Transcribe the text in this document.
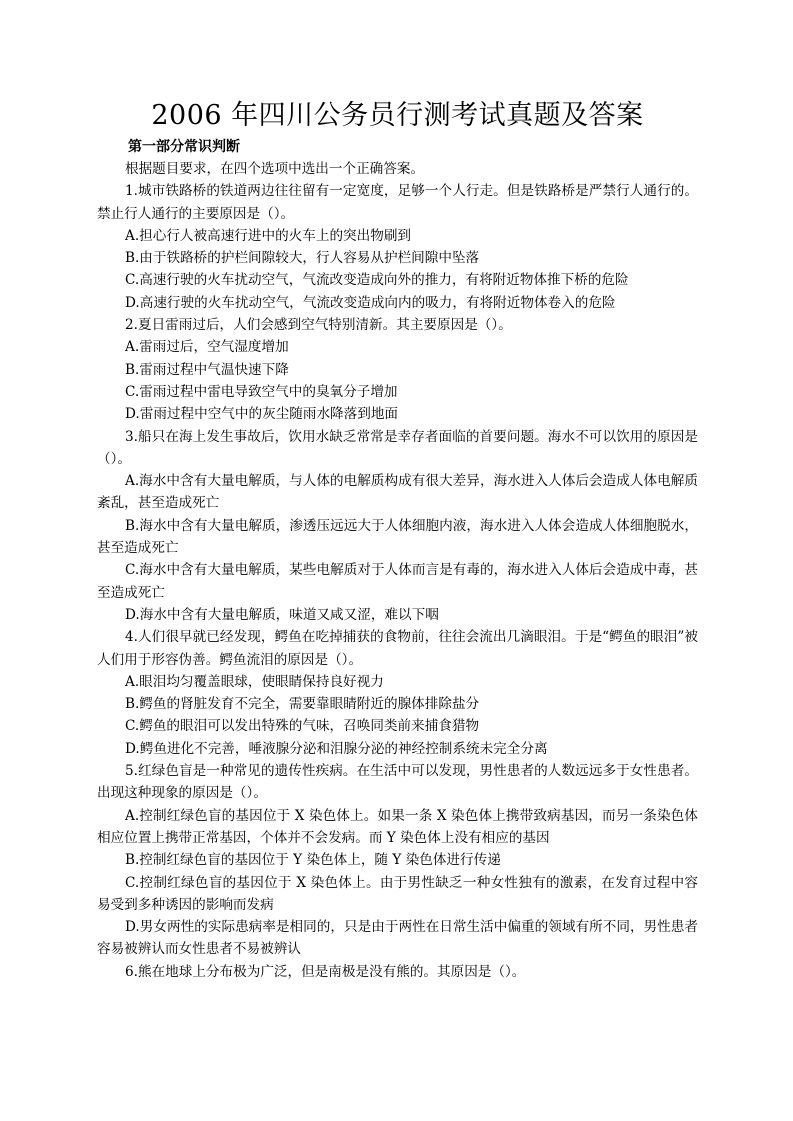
2006 年四川公务员行测考试真题及答案

第一部分常识判断

根据题目要求，在四个选项中选出一个正确答案。

1.城市铁路桥的铁道两边往往留有一定宽度，足够一个人行走。但是铁路桥是严禁行人通行的。禁止行人通行的主要原因是（）。

A.担心行人被高速行进中的火车上的突出物刷到

B.由于铁路桥的护栏间隙较大，行人容易从护栏间隙中坠落

C.高速行驶的火车扰动空气，气流改变造成向外的推力，有将附近物体推下桥的危险

D.高速行驶的火车扰动空气，气流改变造成向内的吸力，有将附近物体卷入的危险

2.夏日雷雨过后，人们会感到空气特别清新。其主要原因是（）。

A.雷雨过后，空气湿度增加

B.雷雨过程中气温快速下降

C.雷雨过程中雷电导致空气中的臭氧分子增加

D.雷雨过程中空气中的灰尘随雨水降落到地面

3.船只在海上发生事故后，饮用水缺乏常常是幸存者面临的首要问题。海水不可以饮用的原因是（）。

A.海水中含有大量电解质，与人体的电解质构成有很大差异，海水进入人体后会造成人体电解质紊乱，甚至造成死亡

B.海水中含有大量电解质，渗透压远远大于人体细胞内液，海水进入人体会造成人体细胞脱水，甚至造成死亡

C.海水中含有大量电解质，某些电解质对于人体而言是有毒的，海水进入人体后会造成中毒，甚至造成死亡

D.海水中含有大量电解质，味道又咸又涩，难以下咽

4.人们很早就已经发现，鳄鱼在吃掉捕获的食物前，往往会流出几滴眼泪。于是“鳄鱼的眼泪”被人们用于形容伪善。鳄鱼流泪的原因是（）。

A.眼泪均匀覆盖眼球，使眼睛保持良好视力

B.鳄鱼的肾脏发育不完全，需要靠眼睛附近的腺体排除盐分

C.鳄鱼的眼泪可以发出特殊的气味，召唤同类前来捕食猎物

D.鳄鱼进化不完善，唾液腺分泌和泪腺分泌的神经控制系统未完全分离

5.红绿色盲是一种常见的遗传性疾病。在生活中可以发现，男性患者的人数远远多于女性患者。出现这种现象的原因是（）。

A.控制红绿色盲的基因位于 X 染色体上。如果一条 X 染色体上携带致病基因，而另一条染色体相应位置上携带正常基因，个体并不会发病。而 Y 染色体上没有相应的基因

B.控制红绿色盲的基因位于 Y 染色体上，随 Y 染色体进行传递

C.控制红绿色盲的基因位于 X 染色体上。由于男性缺乏一种女性独有的激素，在发育过程中容易受到多种诱因的影响而发病

D.男女两性的实际患病率是相同的，只是由于两性在日常生活中偏重的领域有所不同，男性患者容易被辨认而女性患者不易被辨认

6.熊在地球上分布极为广泛，但是南极是没有熊的。其原因是（）。
